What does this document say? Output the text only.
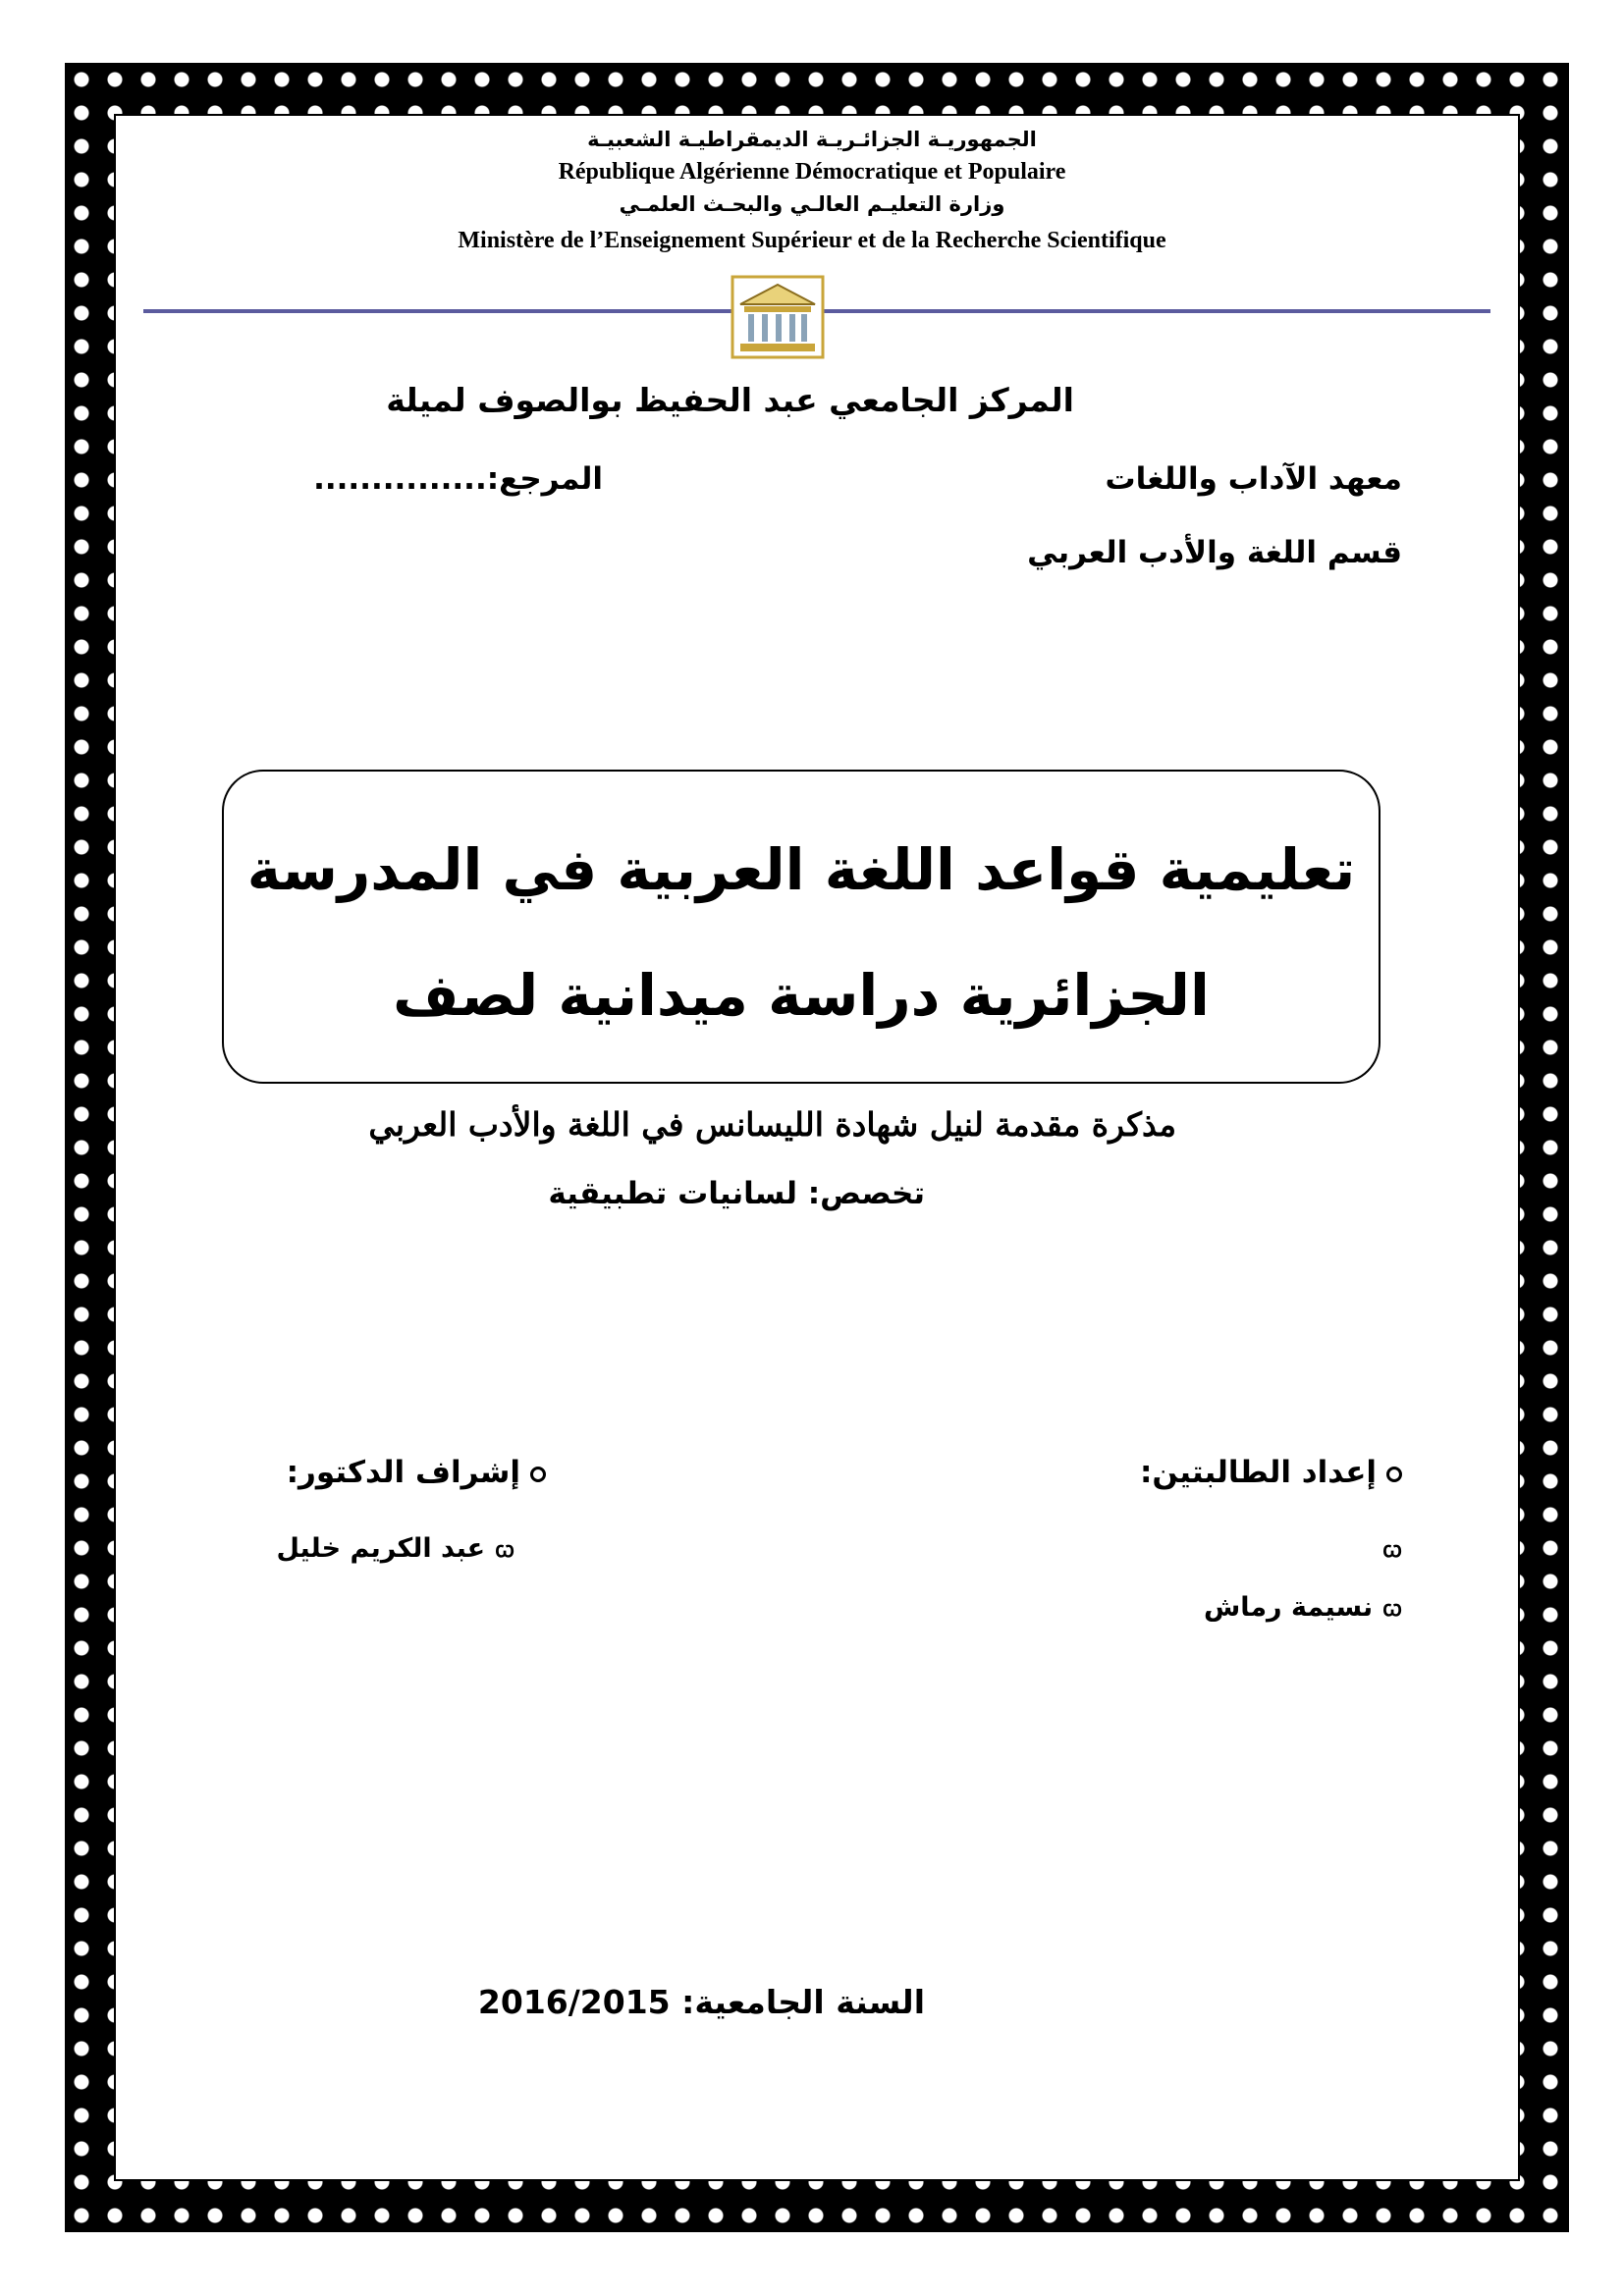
الجمهوريـة الجزائـريـة الديمقراطيـة الشعبيـة
République Algérienne Démocratique et Populaire
وزارة التعليـم العالـي والبحـث العلمـي
Ministère de l’Enseignement Supérieur et de la Recherche Scientifique
المركز الجامعي عبد الحفيظ بوالصوف لميلة
معهد الآداب واللغات
المرجع:...............
قسم اللغة والأدب العربي
تعليمية قواعد اللغة العربية في المدرسة
الجزائرية دراسة ميدانية لصف
مذكرة مقدمة لنيل شهادة الليسانس في اللغة والأدب العربي
تخصص: لسانيات تطبيقية
إعداد الطالبتين:
ꞷ
ꞷنسيمة رماش
إشراف الدكتور:
ꞷعبد الكريم خليل
السنة الجامعية: 2016/2015
